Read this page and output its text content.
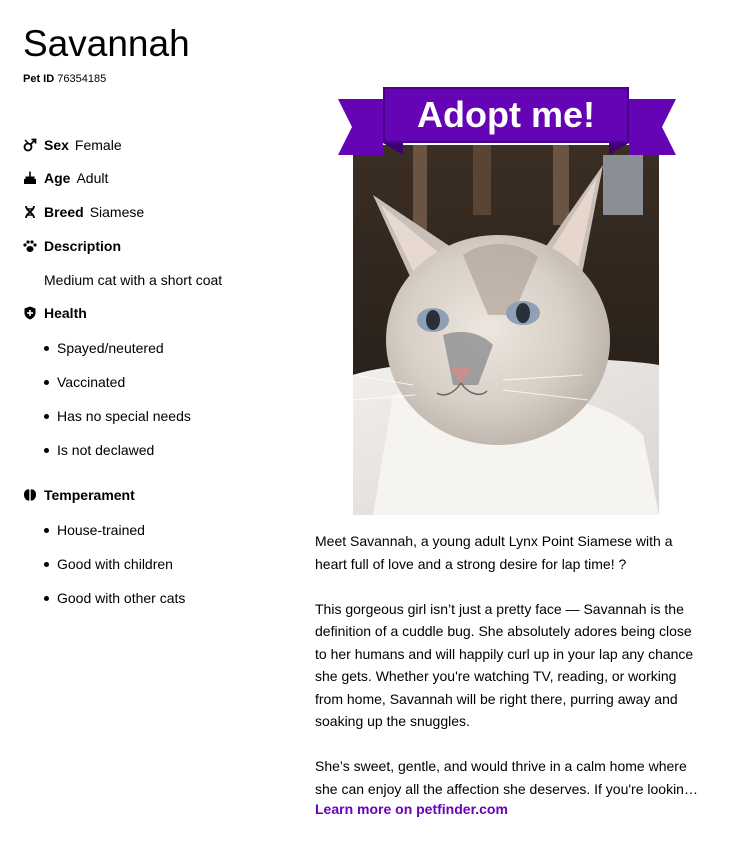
Savannah
Pet ID 76354185
Sex Female
Age Adult
Breed Siamese
Description
Medium cat with a short coat
Health
Spayed/neutered
Vaccinated
Has no special needs
Is not declawed
Temperament
House-trained
Good with children
Good with other cats
Adopt me!

Meet Savannah, a young adult Lynx Point Siamese with a
heart full of love and a strong desire for lap time! ?

This gorgeous girl isn’t just a pretty face — Savannah is the
definition of a cuddle bug. She absolutely adores being close
to her humans and will happily curl up in your lap any chance
she gets. Whether you're watching TV, reading, or working
from home, Savannah will be right there, purring away and
soaking up the snuggles.

She’s sweet, gentle, and would thrive in a calm home where
she can enjoy all the affection she deserves. If you're lookin…

Learn more on petfinder.com
